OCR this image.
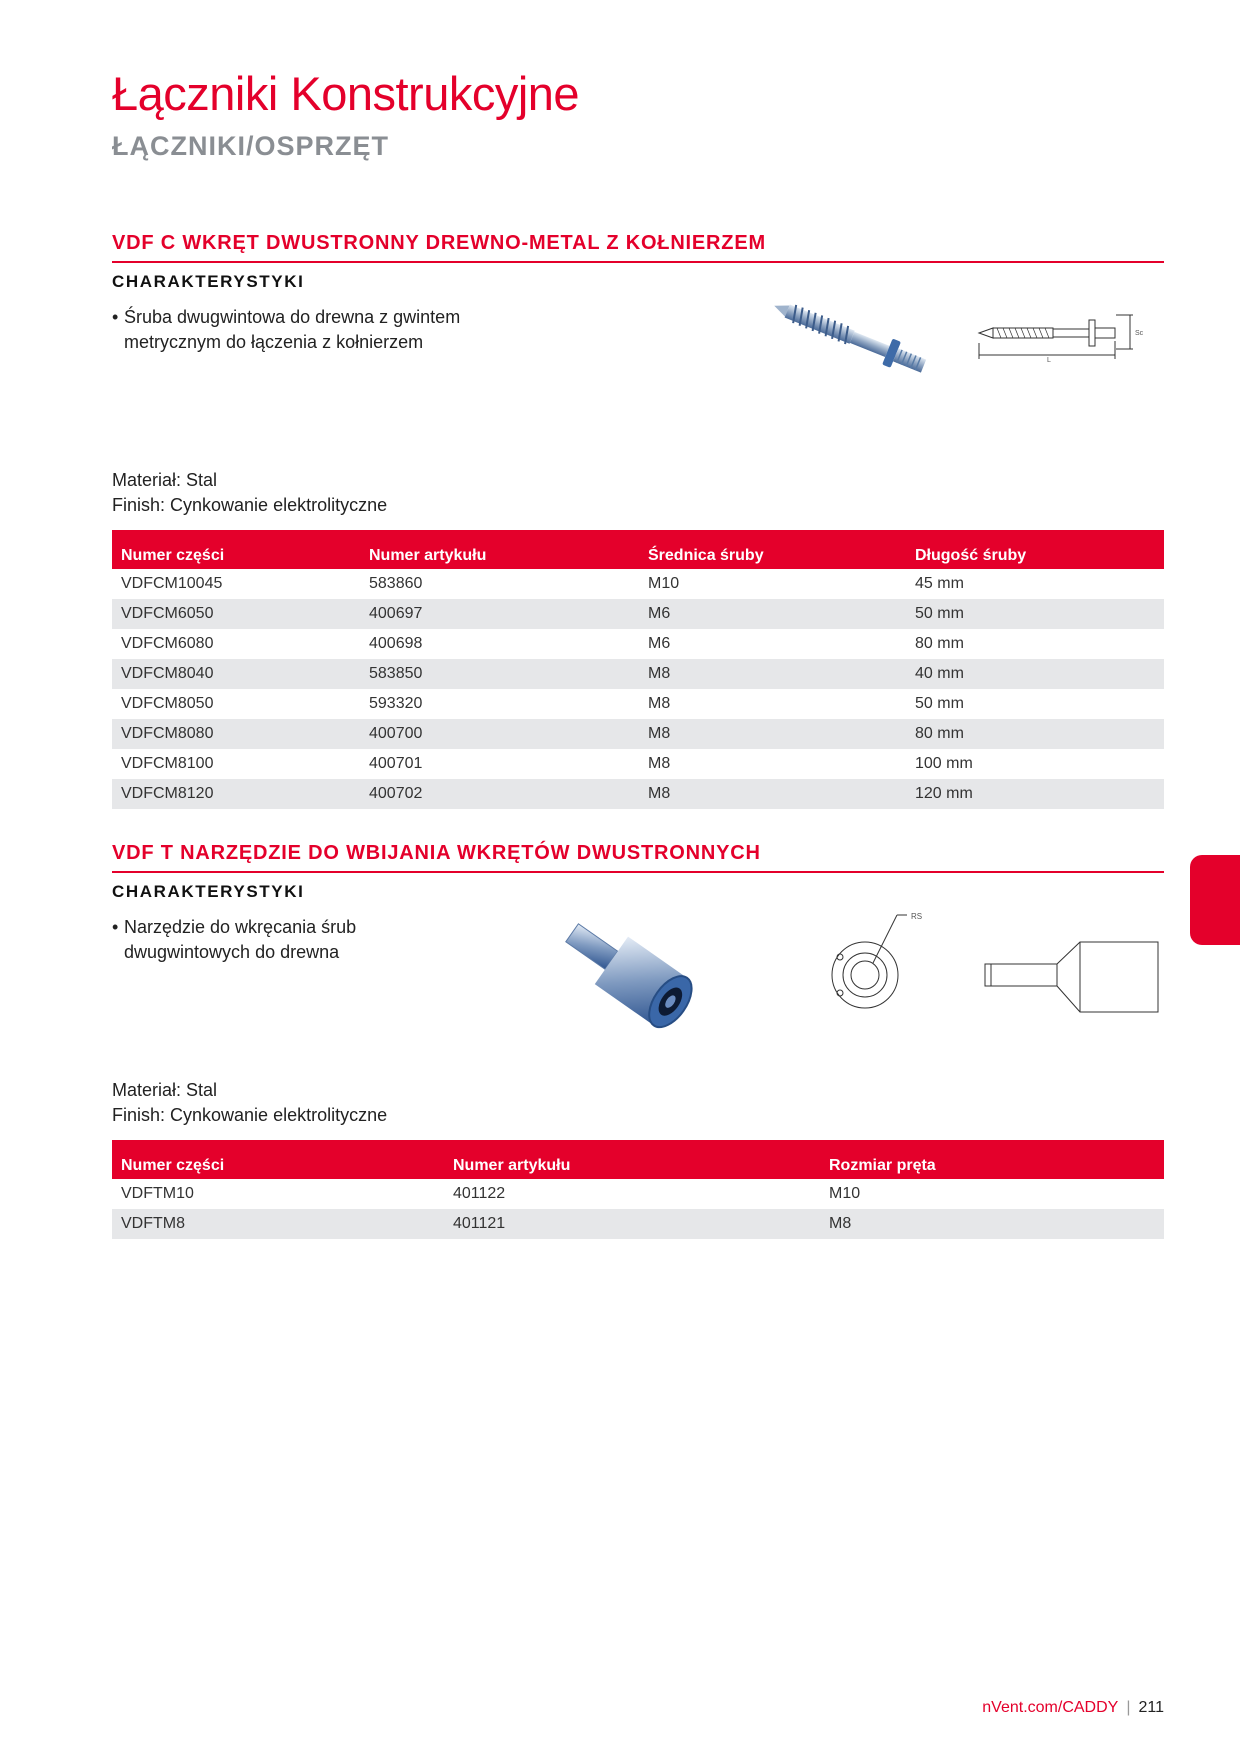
Łączniki Konstrukcyjne
ŁĄCZNIKI/OSPRZĘT
VDF C WKRĘT DWUSTRONNY DREWNO-METAL Z KOŁNIERZEM
CHARAKTERYSTYKI
• Śruba dwugwintowa do drewna z gwintem
metrycznym do łączenia z kołnierzem
L
Sc
Materiał: Stal
Finish: Cynkowanie elektrolityczne
Numer części	Numer artykułu	Średnica śruby	Długość śruby
VDFCM10045	583860	M10	45 mm
VDFCM6050	400697	M6	50 mm
VDFCM6080	400698	M6	80 mm
VDFCM8040	583850	M8	40 mm
VDFCM8050	593320	M8	50 mm
VDFCM8080	400700	M8	80 mm
VDFCM8100	400701	M8	100 mm
VDFCM8120	400702	M8	120 mm
VDF T NARZĘDZIE DO WBIJANIA WKRĘTÓW DWUSTRONNYCH
CHARAKTERYSTYKI
• Narzędzie do wkręcania śrub
dwugwintowych do drewna
RS
Materiał: Stal
Finish: Cynkowanie elektrolityczne
Numer części	Numer artykułu	Rozmiar pręta
VDFTM10	401122	M10
VDFTM8	401121	M8
nVent.com/CADDY | 211
